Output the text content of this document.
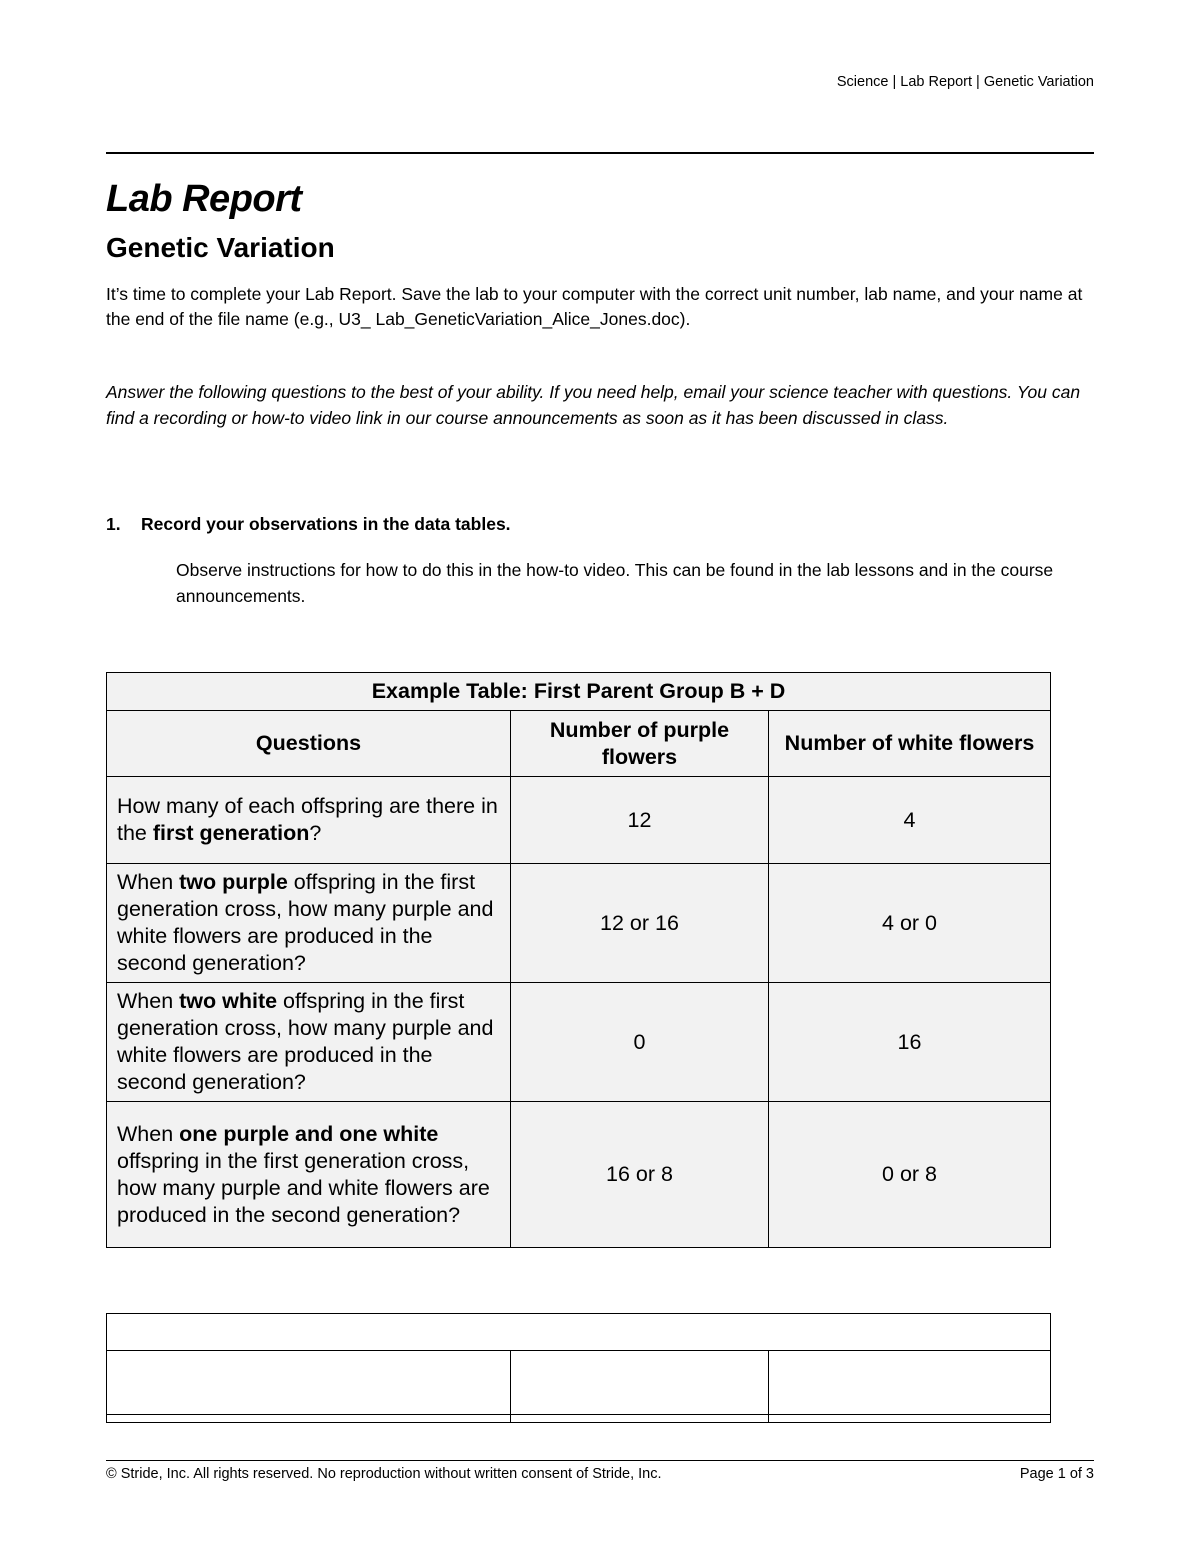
Science | Lab Report | Genetic Variation
Lab Report
Genetic Variation
It’s time to complete your Lab Report. Save the lab to your computer with the correct unit number, lab name, and your name at the end of the file name (e.g., U3_ Lab_GeneticVariation_Alice_Jones.doc).
Answer the following questions to the best of your ability. If you need help, email your science teacher with questions. You can find a recording or how-to video link in our course announcements as soon as it has been discussed in class.
1. Record your observations in the data tables.
Observe instructions for how to do this in the how-to video. This can be found in the lab lessons and in the course announcements.
Example Table: First Parent Group B + D		
Questions	Number of purple flowers	Number of white flowers
How many of each offspring are there in the first generation?	12	4
When two purple offspring in the first generation cross, how many purple and white flowers are produced in the second generation?	12 or 16	4 or 0
When two white offspring in the first generation cross, how many purple and white flowers are produced in the second generation?	0	16
When one purple and one white offspring in the first generation cross, how many purple and white flowers are produced in the second generation?	16 or 8	0 or 8

© Stride, Inc. All rights reserved. No reproduction without written consent of Stride, Inc.	Page 1 of 3
